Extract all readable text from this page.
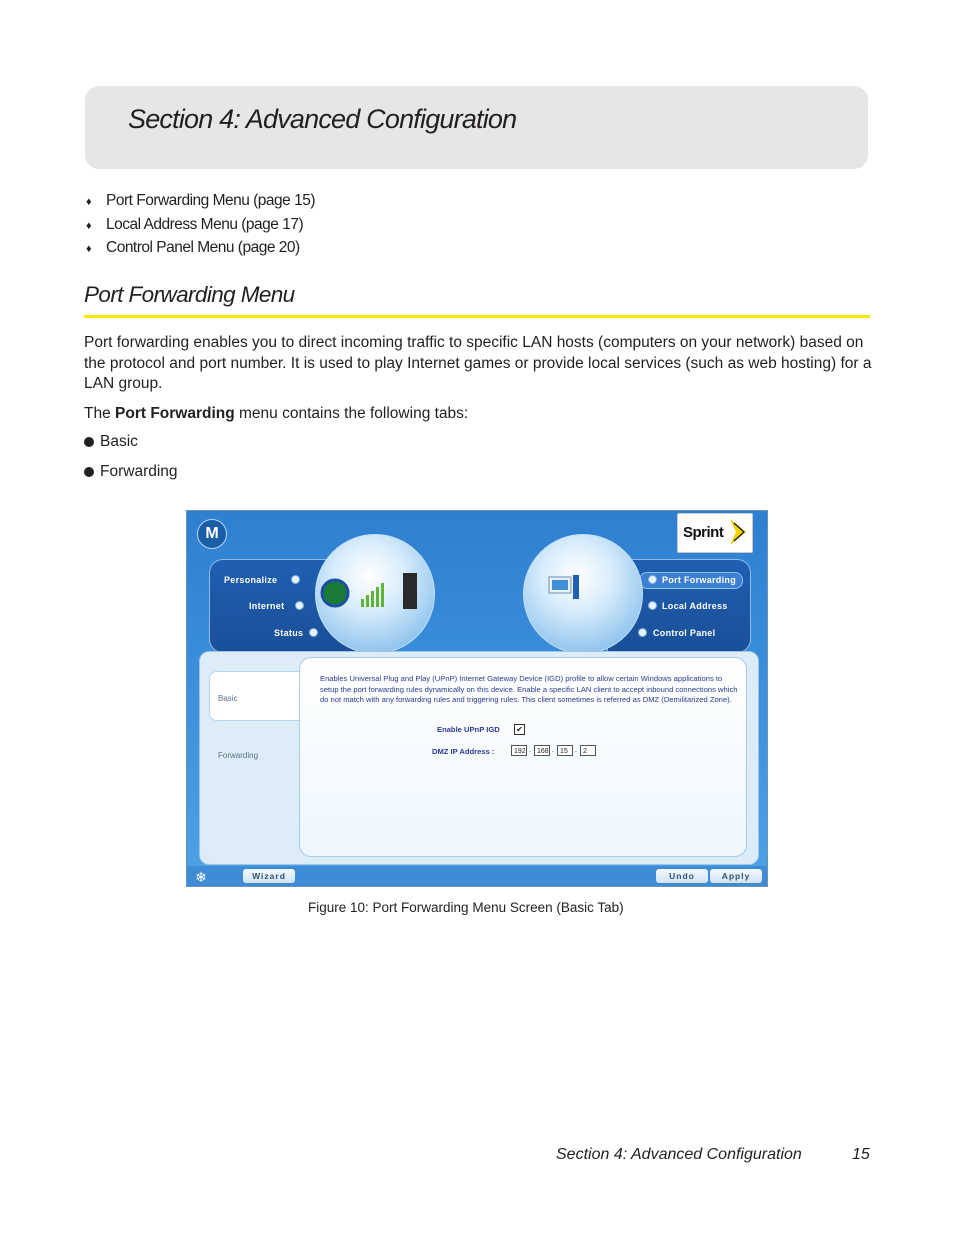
Section 4: Advanced Configuration
♦ Port Forwarding Menu (page 15)
♦ Local Address Menu (page 17)
♦ Control Panel Menu (page 20)
Port Forwarding Menu
Port forwarding enables you to direct incoming traffic to specific LAN hosts (computers on your network) based on the protocol and port number. It is used to play Internet games or provide local services (such as web hosting) for a LAN group.
The Port Forwarding menu contains the following tabs:
Basic
Forwarding
M	Sprint
Personalize
Internet
Status
Port Forwarding
Local Address
Control Panel
Basic
Forwarding
Enables Universal Plug and Play (UPnP) Internet Gateway Device (IGD) profile to allow certain Windows applications to setup the port forwarding rules dynamically on this device. Enable a specific LAN client to accept inbound connections which do not match with any forwarding rules and triggering rules. This client sometimes is referred as DMZ (Demilitarized Zone).
Enable UPnP IGD ✔
DMZ IP Address :	192 . 168 . 15	. 2
❄	Wizard	Undo	Apply
Figure 10: Port Forwarding Menu Screen (Basic Tab)
Section 4: Advanced Configuration	15
